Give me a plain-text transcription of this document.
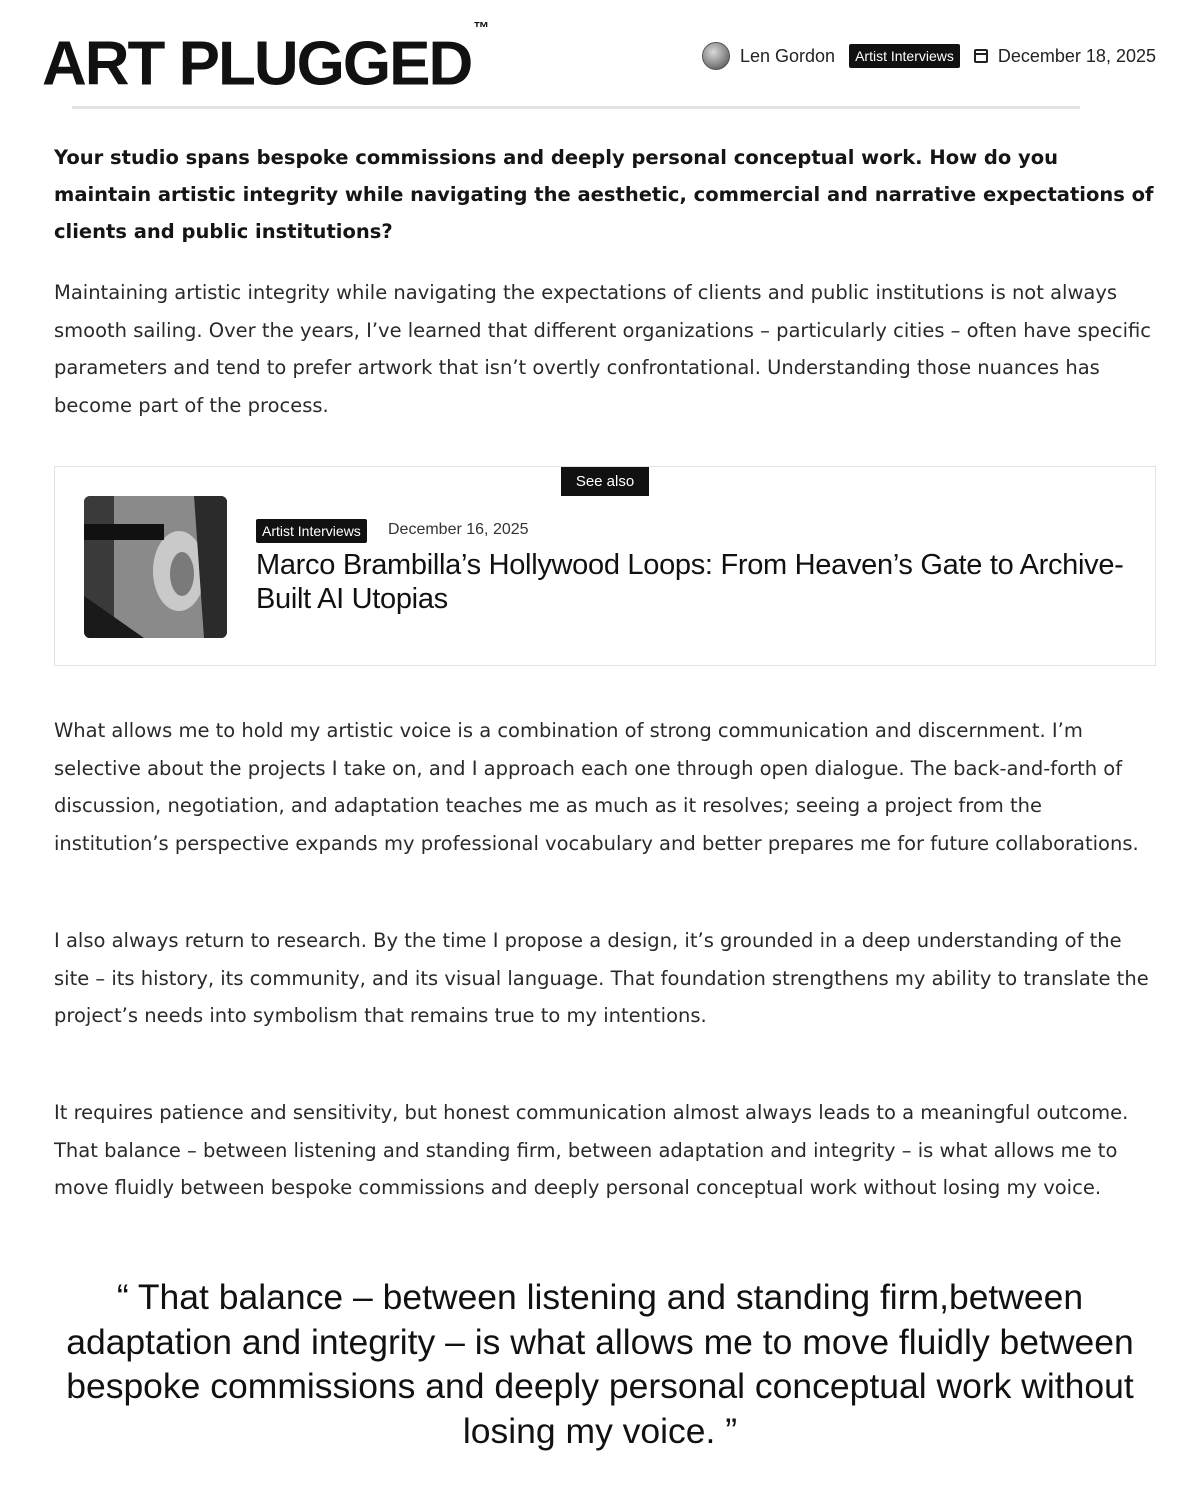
ART PLUGGED™
Len Gordon	Artist Interviews	December 18, 2025
Your studio spans bespoke commissions and deeply personal conceptual work. How do you maintain artistic integrity while navigating the aesthetic, commercial and narrative expectations of clients and public institutions?
Maintaining artistic integrity while navigating the expectations of clients and public institutions is not always smooth sailing. Over the years, I’ve learned that different organizations – particularly cities – often have specific parameters and tend to prefer artwork that isn’t overtly confrontational. Understanding those nuances has become part of the process.
See also
Artist Interviews	December 16, 2025
Marco Brambilla’s Hollywood Loops: From Heaven’s Gate to Archive-Built AI Utopias
What allows me to hold my artistic voice is a combination of strong communication and discernment. I’m selective about the projects I take on, and I approach each one through open dialogue. The back-and-forth of discussion, negotiation, and adaptation teaches me as much as it resolves; seeing a project from the institution’s perspective expands my professional vocabulary and better prepares me for future collaborations.
I also always return to research. By the time I propose a design, it’s grounded in a deep understanding of the site – its history, its community, and its visual language. That foundation strengthens my ability to translate the project’s needs into symbolism that remains true to my intentions.
It requires patience and sensitivity, but honest communication almost always leads to a meaningful outcome. That balance – between listening and standing firm, between adaptation and integrity – is what allows me to move fluidly between bespoke commissions and deeply personal conceptual work without losing my voice.
“ That balance – between listening and standing firm,between adaptation and integrity – is what allows me to move fluidly between bespoke commissions and deeply personal conceptual work without losing my voice. ”
